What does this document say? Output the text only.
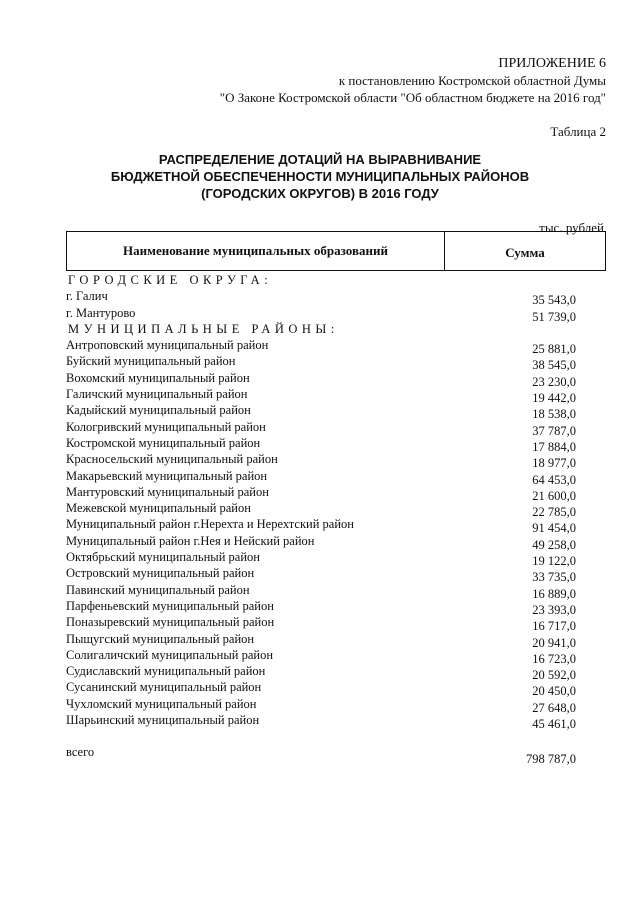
ПРИЛОЖЕНИЕ 6
к постановлению Костромской областной Думы
"О Законе Костромской области "Об областном бюджете на 2016 год"
Таблица 2
РАСПРЕДЕЛЕНИЕ ДОТАЦИЙ НА ВЫРАВНИВАНИЕ
БЮДЖЕТНОЙ ОБЕСПЕЧЕННОСТИ МУНИЦИПАЛЬНЫХ РАЙОНОВ
(ГОРОДСКИХ ОКРУГОВ) В 2016 ГОДУ
тыс. рублей
Наименование муниципальных образований	Сумма
ГОРОДСКИЕ ОКРУГА:
г. Галич	35 543,0
г. Мантурово	51 739,0
МУНИЦИПАЛЬНЫЕ РАЙОНЫ:
Антроповский муниципальный район	25 881,0
Буйский муниципальный район	38 545,0
Вохомский муниципальный район	23 230,0
Галичский муниципальный район	19 442,0
Кадыйский муниципальный район	18 538,0
Кологривский муниципальный район	37 787,0
Костромской муниципальный район	17 884,0
Красносельский муниципальный район	18 977,0
Макарьевский муниципальный район	64 453,0
Мантуровский муниципальный район	21 600,0
Межевской муниципальный район	22 785,0
Муниципальный район г.Нерехта и Нерехтский район	91 454,0
Муниципальный район г.Нея и Нейский район	49 258,0
Октябрьский муниципальный район	19 122,0
Островский муниципальный район	33 735,0
Павинский муниципальный район	16 889,0
Парфеньевский муниципальный район	23 393,0
Поназыревский муниципальный район	16 717,0
Пыщугский муниципальный район	20 941,0
Солигаличский муниципальный район	16 723,0
Судиславский муниципальный район	20 592,0
Сусанинский муниципальный район	20 450,0
Чухломский муниципальный район	27 648,0
Шарьинский муниципальный район	45 461,0
всего	798 787,0
